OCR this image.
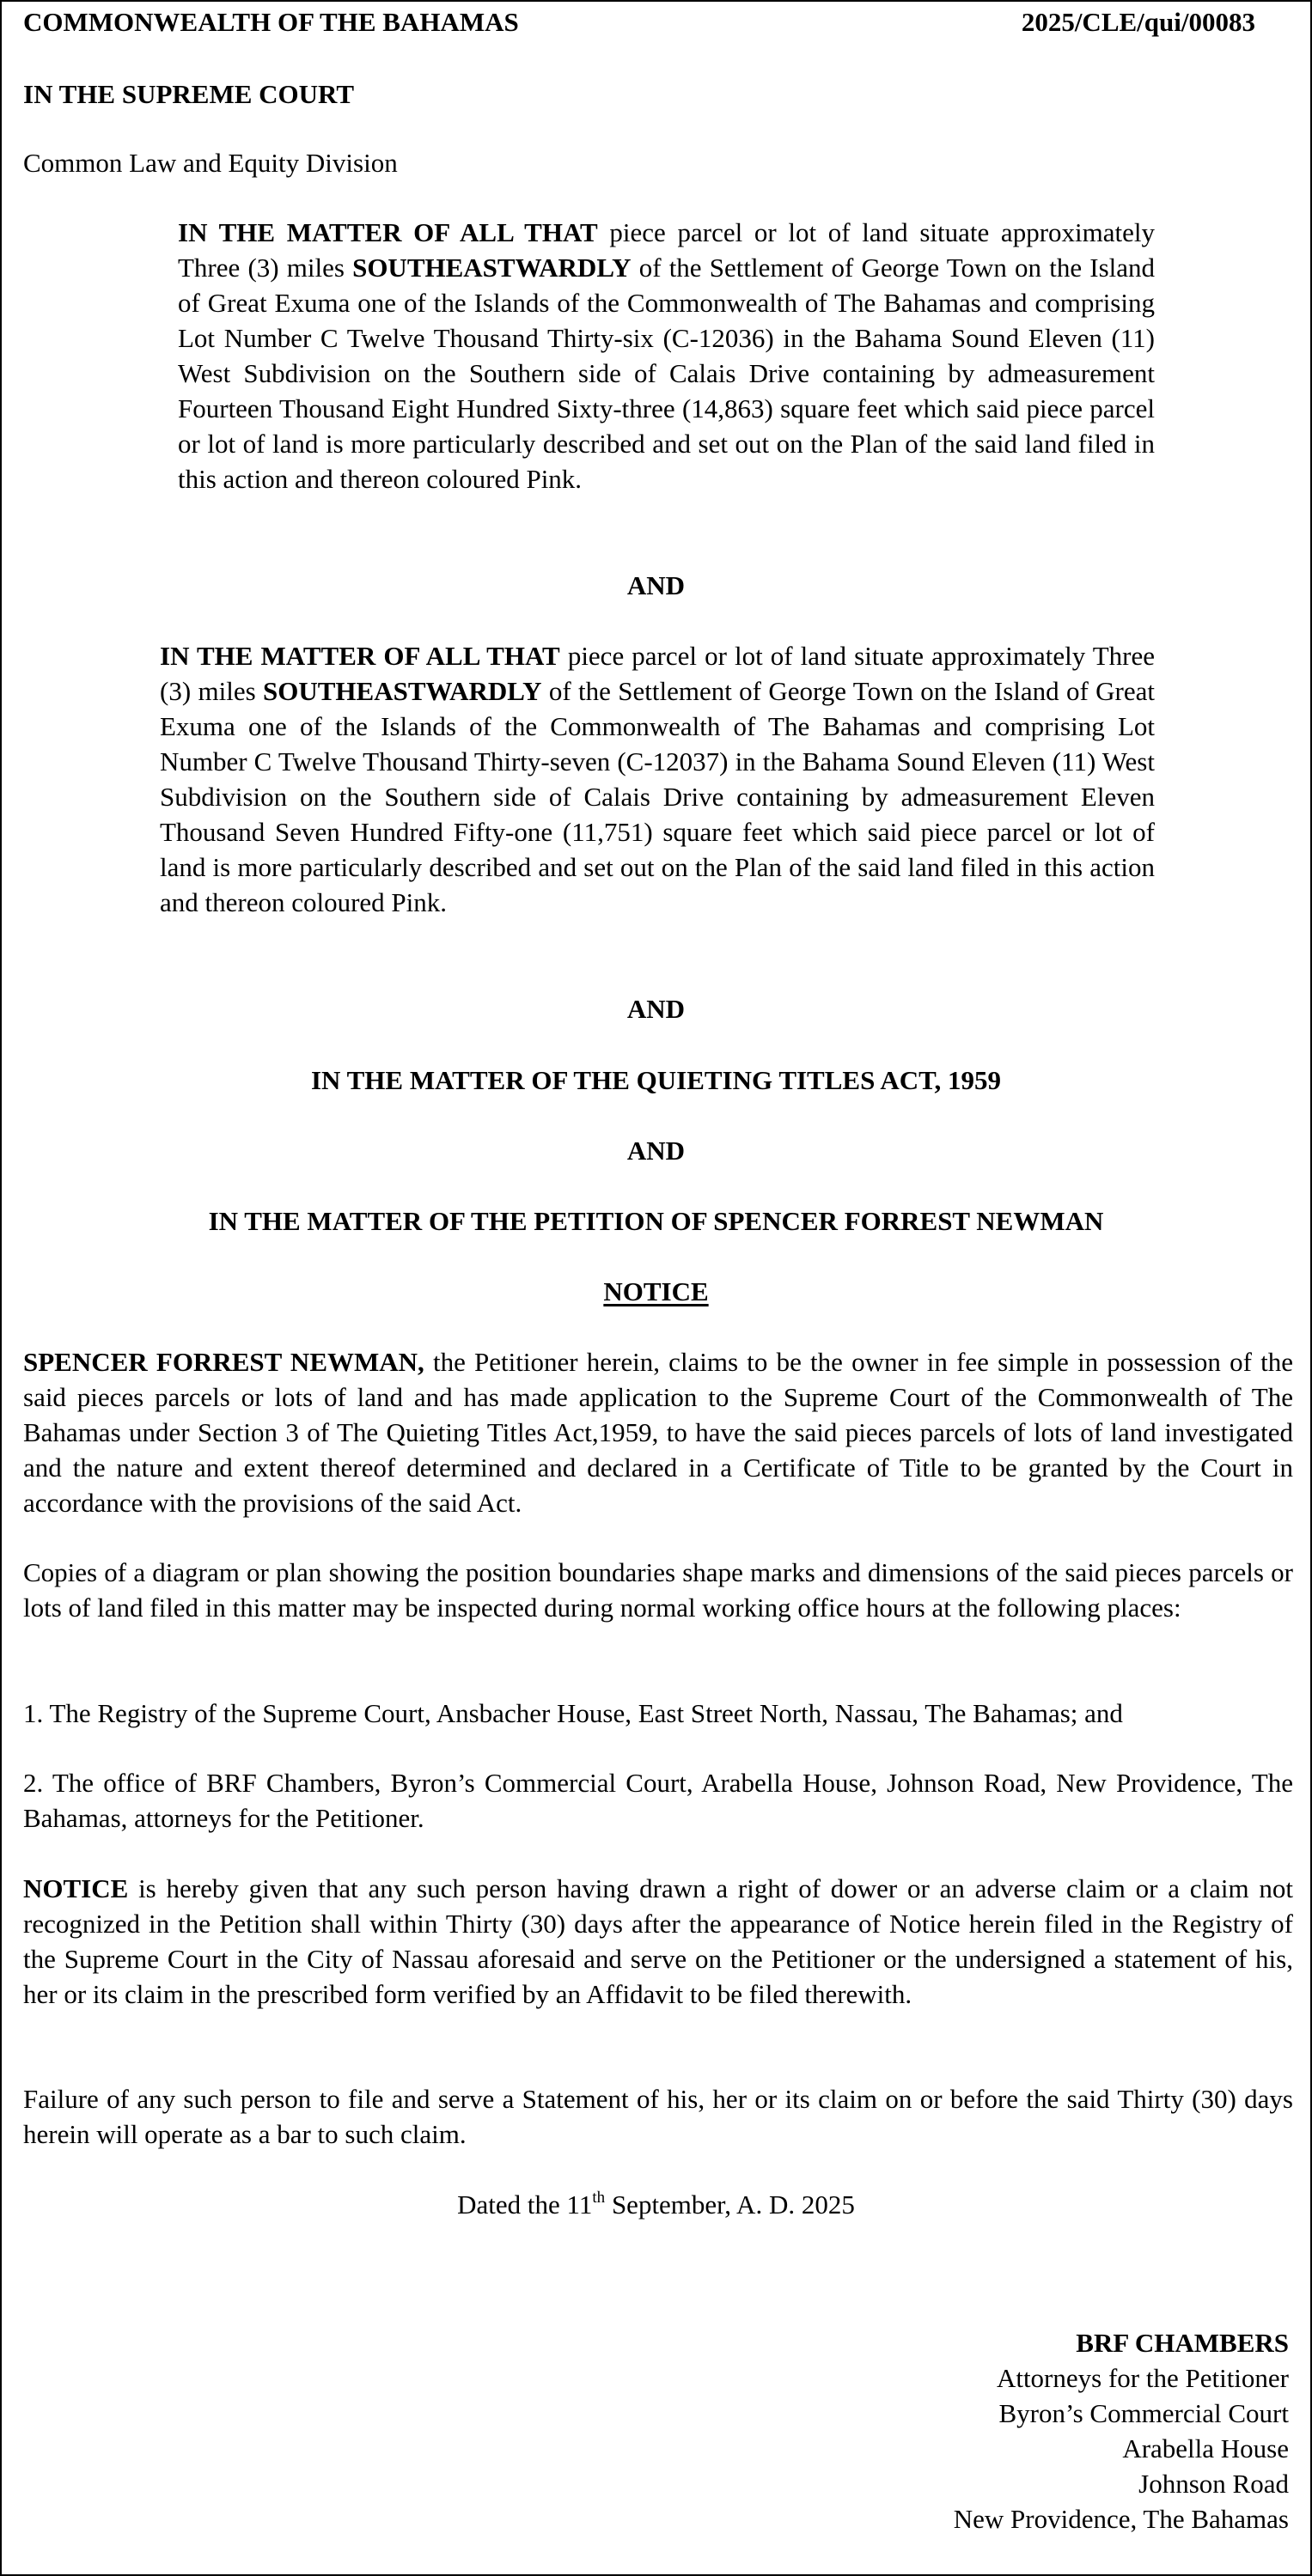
COMMONWEALTH OF THE BAHAMAS	2025/CLE/qui/00083
IN THE SUPREME COURT
Common Law and Equity Division
IN THE MATTER OF ALL THAT piece parcel or lot of land situate approximately Three (3) miles SOUTHEASTWARDLY of the Settlement of George Town on the Island of Great Exuma one of the Islands of the Commonwealth of The Bahamas and comprising Lot Number C Twelve Thousand Thirty-six (C-12036) in the Bahama Sound Eleven (11) West Subdivision on the Southern side of Calais Drive containing by admeasurement Fourteen Thousand Eight Hundred Sixty-three (14,863) square feet which said piece parcel or lot of land is more particularly described and set out on the Plan of the said land filed in this action and thereon coloured Pink.
AND
IN THE MATTER OF ALL THAT piece parcel or lot of land situate approximately Three (3) miles SOUTHEASTWARDLY of the Settlement of George Town on the Island of Great Exuma one of the Islands of the Commonwealth of The Bahamas and comprising Lot Number C Twelve Thousand Thirty-seven (C-12037) in the Bahama Sound Eleven (11) West Subdivision on the Southern side of Calais Drive containing by admeasurement Eleven Thousand Seven Hundred Fifty-one (11,751) square feet which said piece parcel or lot of land is more particularly described and set out on the Plan of the said land filed in this action and thereon coloured Pink.
AND
IN THE MATTER OF THE QUIETING TITLES ACT, 1959
AND
IN THE MATTER OF THE PETITION OF SPENCER FORREST NEWMAN
NOTICE
SPENCER FORREST NEWMAN, the Petitioner herein, claims to be the owner in fee simple in possession of the said pieces parcels or lots of land and has made application to the Supreme Court of the Commonwealth of The Bahamas under Section 3 of The Quieting Titles Act,1959, to have the said pieces parcels of lots of land investigated and the nature and extent thereof determined and declared in a Certificate of Title to be granted by the Court in accordance with the provisions of the said Act.
Copies of a diagram or plan showing the position boundaries shape marks and dimensions of the said pieces parcels or lots of land filed in this matter may be inspected during normal working office hours at the following places:
1. The Registry of the Supreme Court, Ansbacher House, East Street North, Nassau, The Bahamas; and
2. The office of BRF Chambers, Byron’s Commercial Court, Arabella House, Johnson Road, New Providence, The Bahamas, attorneys for the Petitioner.
NOTICE is hereby given that any such person having drawn a right of dower or an adverse claim or a claim not recognized in the Petition shall within Thirty (30) days after the appearance of Notice herein filed in the Registry of the Supreme Court in the City of Nassau aforesaid and serve on the Petitioner or the undersigned a statement of his, her or its claim in the prescribed form verified by an Affidavit to be filed therewith.
Failure of any such person to file and serve a Statement of his, her or its claim on or before the said Thirty (30) days herein will operate as a bar to such claim.
Dated the 11th September, A. D. 2025
BRF CHAMBERS
Attorneys for the Petitioner
Byron’s Commercial Court
Arabella House
Johnson Road
New Providence, The Bahamas
